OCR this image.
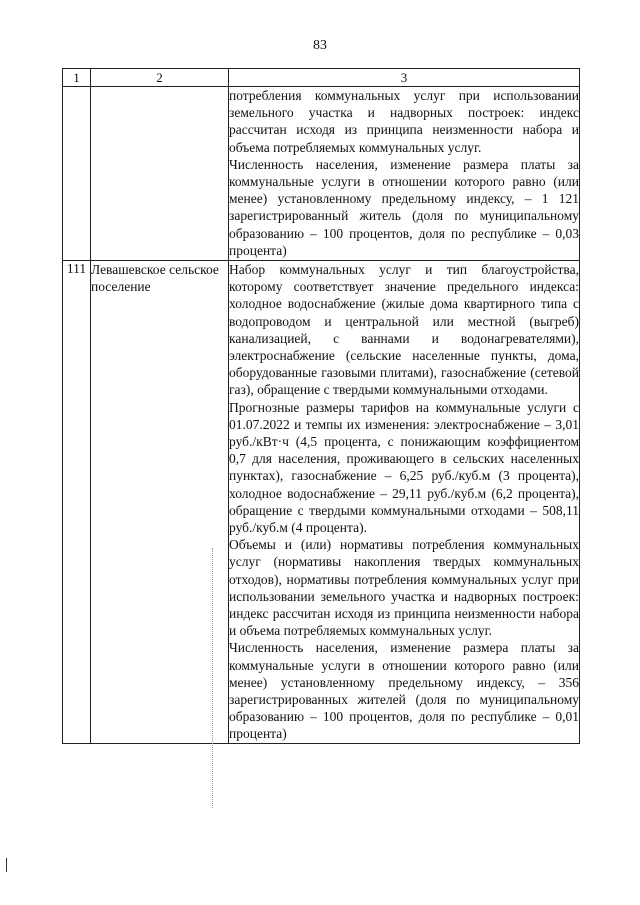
83
1	2	3

		потребления коммунальных услуг при использовании земельного участка и надворных построек: индекс рассчитан исходя из принципа неизменности набора и объема потребляемых коммунальных услуг.
Численность населения, изменение размера платы за коммунальные услуги в отношении которого равно (или менее) установленному предельному индексу, – 1 121 зарегистрированный житель (доля по муниципальному образованию – 100 процентов, доля по республике – 0,03 процента)

111	Левашевское сельское поселение	Набор коммунальных услуг и тип благоустройства, которому соответствует значение предельного индекса: холодное водоснабжение (жилые дома квартирного типа с водопроводом и центральной или местной (выгреб) канализацией, с ваннами и водонагревателями), электроснабжение (сельские населенные пункты, дома, оборудованные газовыми плитами), газоснабжение (сетевой газ), обращение с твердыми коммунальными отходами.
Прогнозные размеры тарифов на коммунальные услуги с 01.07.2022 и темпы их изменения: электроснабжение – 3,01 руб./кВт·ч (4,5 процента, с понижающим коэффициентом 0,7 для населения, проживающего в сельских населенных пунктах), газоснабжение – 6,25 руб./куб.м (3 процента), холодное водоснабжение – 29,11 руб./куб.м (6,2 процента), обращение с твердыми коммунальными отходами – 508,11 руб./куб.м (4 процента).
Объемы и (или) нормативы потребления коммунальных услуг (нормативы накопления твердых коммунальных отходов), нормативы потребления коммунальных услуг при использовании земельного участка и надворных построек: индекс рассчитан исходя из принципа неизменности набора и объема потребляемых коммунальных услуг.
Численность населения, изменение размера платы за коммунальные услуги в отношении которого равно (или менее) установленному предельному индексу, – 356 зарегистрированных жителей (доля по муниципальному образованию – 100 процентов, доля по республике – 0,01 процента)
